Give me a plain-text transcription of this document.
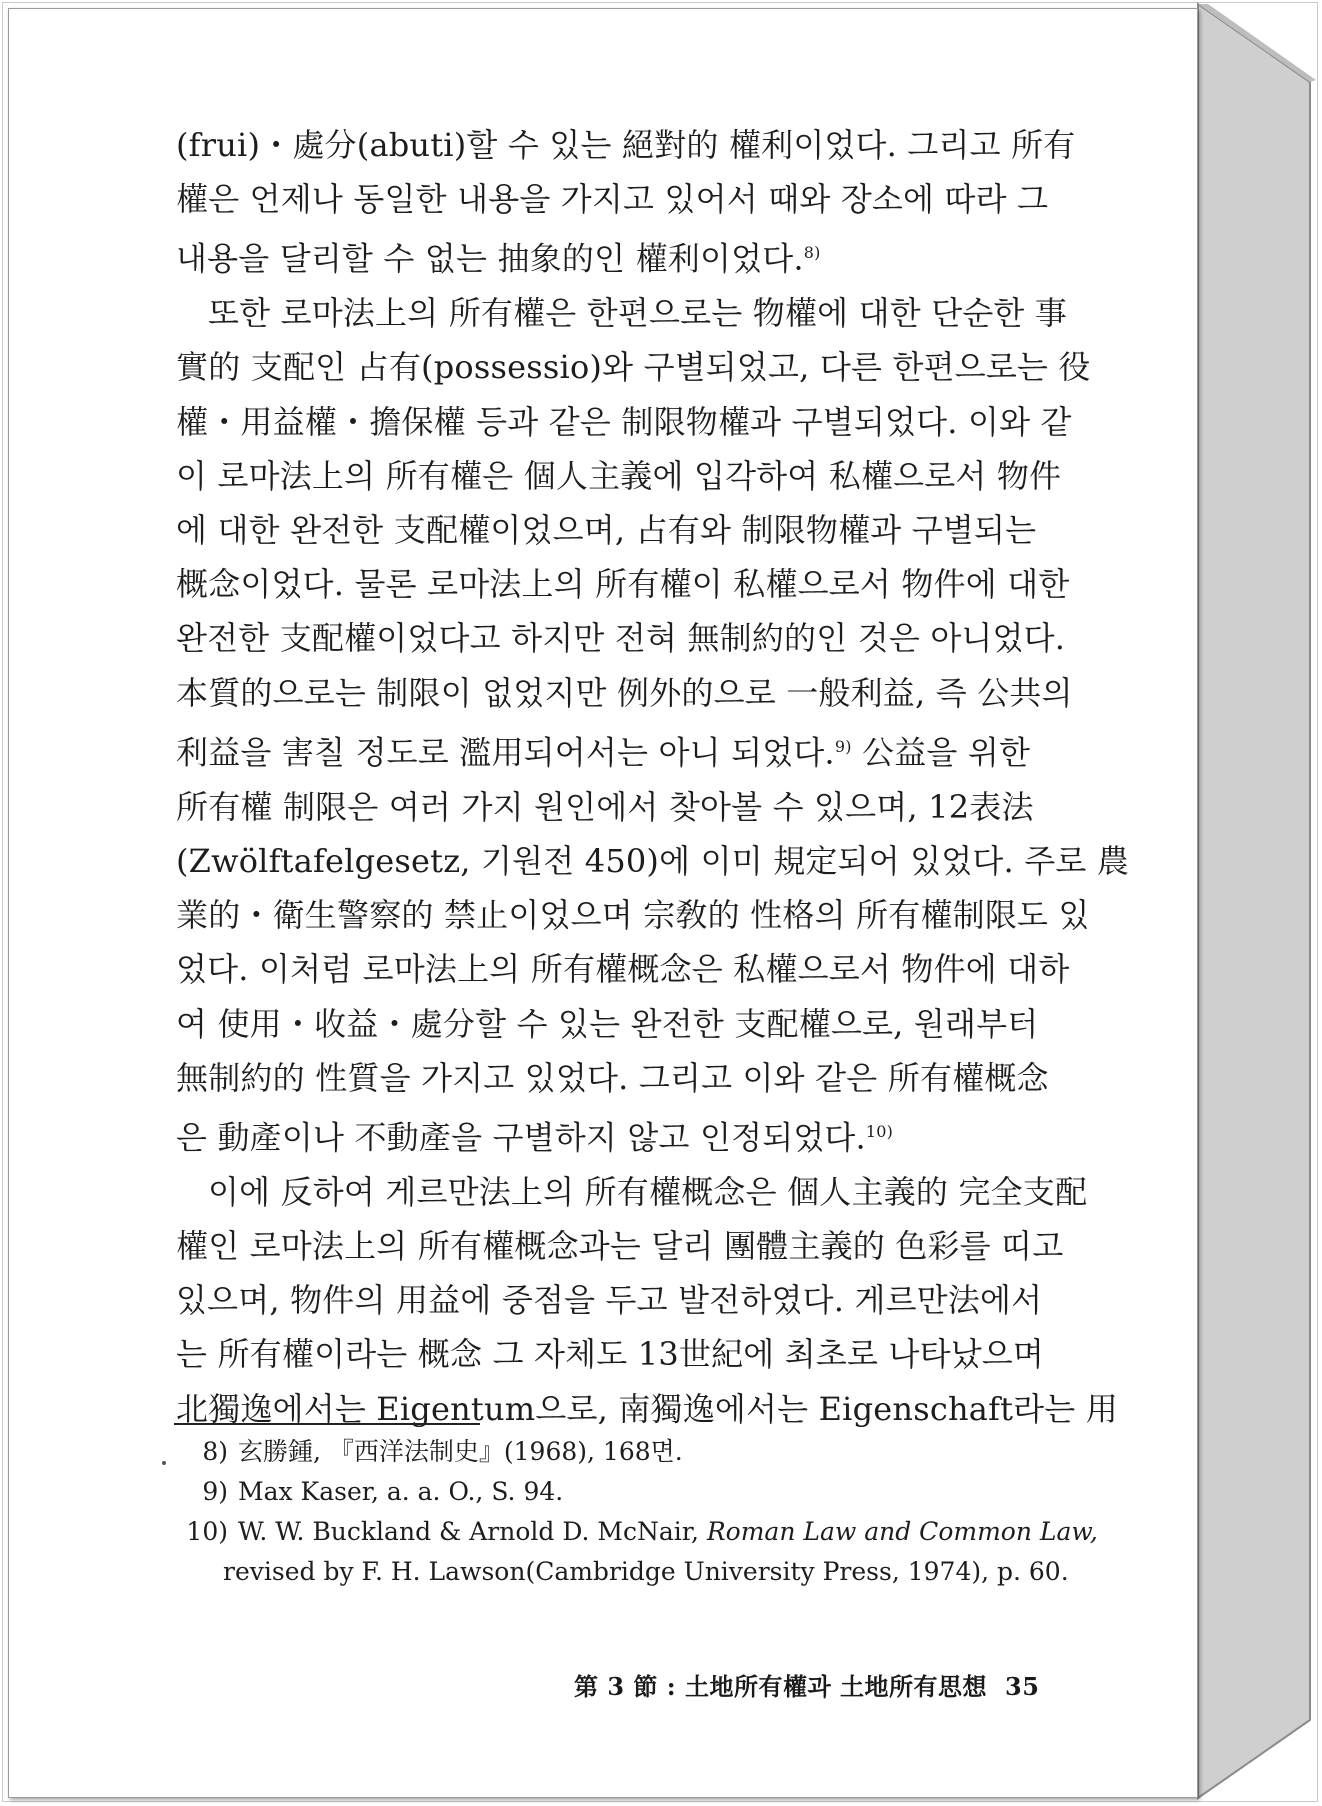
(frui)・處分(abuti)할 수 있는 絕對的 權利이었다. 그리고 所有
權은 언제나 동일한 내용을 가지고 있어서 때와 장소에 따라 그
내용을 달리할 수 없는 抽象的인 權利이었다.$^{8)}$
또한 로마法上의 所有權은 한편으로는 物權에 대한 단순한 事
實的 支配인 占有(possessio)와 구별되었고, 다른 한편으로는 役
權・用益權・擔保權 등과 같은 制限物權과 구별되었다. 이와 같
이 로마法上의 所有權은 個人主義에 입각하여 私權으로서 物件
에 대한 완전한 支配權이었으며, 占有와 制限物權과 구별되는
概念이었다. 물론 로마法上의 所有權이 私權으로서 物件에 대한
완전한 支配權이었다고 하지만 전혀 無制約的인 것은 아니었다.
本質的으로는 制限이 없었지만 例外的으로 一般利益, 즉 公共의
利益을 害칠 정도로 濫用되어서는 아니 되었다.$^{9)}$ 公益을 위한
所有權 制限은 여러 가지 원인에서 찾아볼 수 있으며, 12表法
(Zwölftafelgesetz, 기원전 450)에 이미 規定되어 있었다. 주로 農
業的・衛生警察的 禁止이었으며 宗敎的 性格의 所有權制限도 있
었다. 이처럼 로마法上의 所有權概念은 私權으로서 物件에 대하
여 使用・收益・處分할 수 있는 완전한 支配權으로, 원래부터
無制約的 性質을 가지고 있었다. 그리고 이와 같은 所有權概念
은 動產이나 不動產을 구별하지 않고 인정되었다.$^{10)}$
이에 反하여 게르만法上의 所有權概念은 個人主義的 完全支配
權인 로마法上의 所有權概念과는 달리 團體主義的 色彩를 띠고
있으며, 物件의 用益에 중점을 두고 발전하였다. 게르만法에서
는 所有權이라는 概念 그 자체도 13世紀에 최초로 나타났으며
北獨逸에서는 Eigentum으로, 南獨逸에서는 Eigenschaft라는 用
8) 玄勝鍾, 『西洋法制史』(1968), 168면.
9) Max Kaser, a. a. O., S. 94.
10) W. W. Buckland & Arnold D. McNair, Roman Law and Common Law,
revised by F. H. Lawson(Cambridge University Press, 1974), p. 60.
第 3 節 : 土地所有權과 土地所有思想 35
